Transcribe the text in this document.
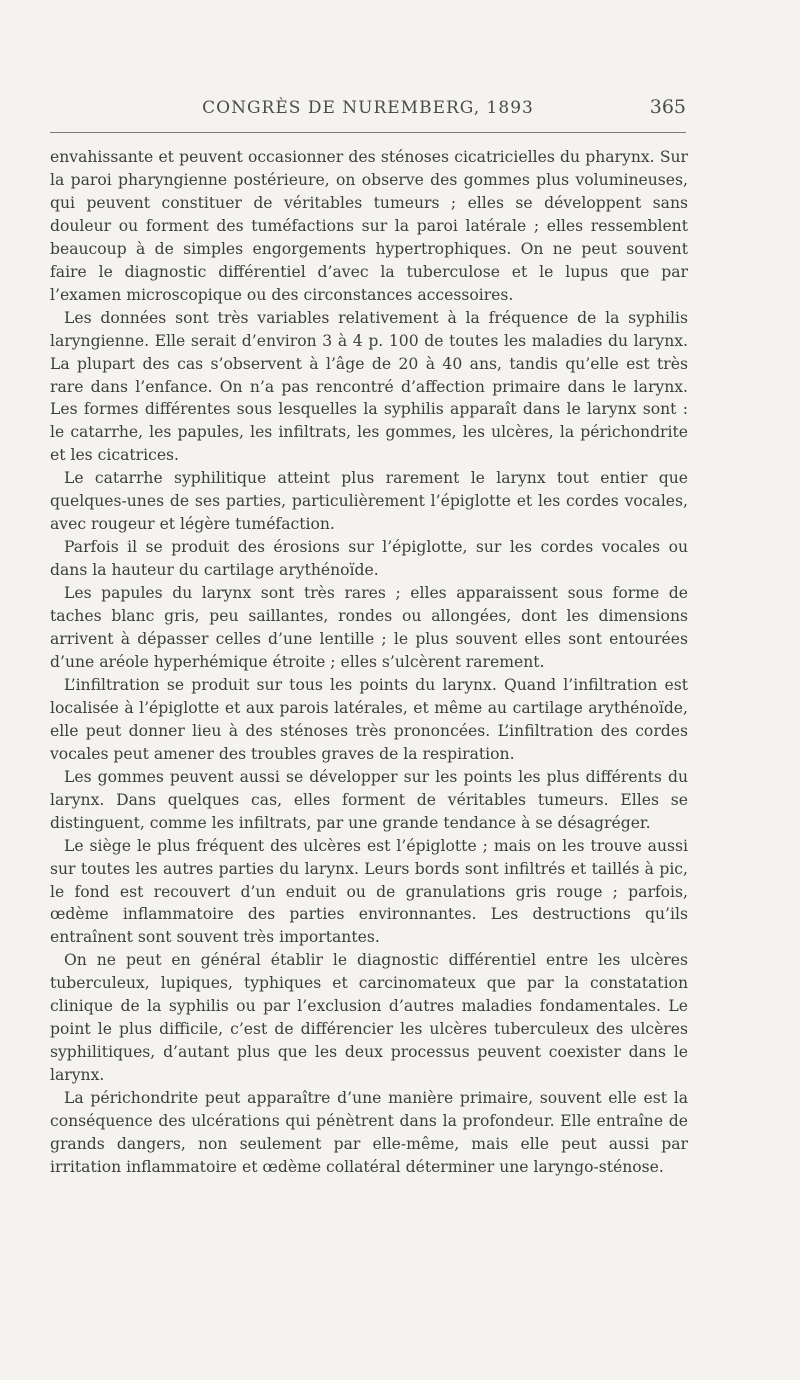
CONGRÈS DE NUREMBERG, 1893	365

envahissante et peuvent occasionner des sténoses cicatricielles du pharynx. Sur la paroi pharyngienne postérieure, on observe des gommes plus volumineuses, qui peuvent constituer de véritables tumeurs ; elles se développent sans douleur ou forment des tuméfactions sur la paroi latérale ; elles ressemblent beaucoup à de simples engorgements hypertrophiques. On ne peut souvent faire le diagnostic différentiel d’avec la tuberculose et le lupus que par l’examen microscopique ou des circonstances accessoires.

Les données sont très variables relativement à la fréquence de la syphilis laryngienne. Elle serait d’environ 3 à 4 p. 100 de toutes les maladies du larynx. La plupart des cas s’observent à l’âge de 20 à 40 ans, tandis qu’elle est très rare dans l’enfance. On n’a pas rencontré d’affection primaire dans le larynx. Les formes différentes sous lesquelles la syphilis apparaît dans le larynx sont : le catarrhe, les papules, les infiltrats, les gommes, les ulcères, la périchondrite et les cicatrices.

Le catarrhe syphilitique atteint plus rarement le larynx tout entier que quelques-unes de ses parties, particulièrement l’épiglotte et les cordes vocales, avec rougeur et légère tuméfaction.

Parfois il se produit des érosions sur l’épiglotte, sur les cordes vocales ou dans la hauteur du cartilage arythénoïde.

Les papules du larynx sont très rares ; elles apparaissent sous forme de taches blanc gris, peu saillantes, rondes ou allongées, dont les dimensions arrivent à dépasser celles d’une lentille ; le plus souvent elles sont entourées d’une aréole hyperhémique étroite ; elles s’ulcèrent rarement.

L’infiltration se produit sur tous les points du larynx. Quand l’infiltration est localisée à l’épiglotte et aux parois latérales, et même au cartilage arythénoïde, elle peut donner lieu à des sténoses très prononcées. L’infiltration des cordes vocales peut amener des troubles graves de la respiration.

Les gommes peuvent aussi se développer sur les points les plus différents du larynx. Dans quelques cas, elles forment de véritables tumeurs. Elles se distinguent, comme les infiltrats, par une grande tendance à se désagréger.

Le siège le plus fréquent des ulcères est l’épiglotte ; mais on les trouve aussi sur toutes les autres parties du larynx. Leurs bords sont infiltrés et taillés à pic, le fond est recouvert d’un enduit ou de granulations gris rouge ; parfois, œdème inflammatoire des parties environnantes. Les destructions qu’ils entraînent sont souvent très importantes.

On ne peut en général établir le diagnostic différentiel entre les ulcères tuberculeux, lupiques, typhiques et carcinomateux que par la constatation clinique de la syphilis ou par l’exclusion d’autres maladies fondamentales. Le point le plus difficile, c’est de différencier les ulcères tuberculeux des ulcères syphilitiques, d’autant plus que les deux processus peuvent coexister dans le larynx.

La périchondrite peut apparaître d’une manière primaire, souvent elle est la conséquence des ulcérations qui pénètrent dans la profondeur. Elle entraîne de grands dangers, non seulement par elle-même, mais elle peut aussi par irritation inflammatoire et œdème collatéral déterminer une laryngo-sténose.
